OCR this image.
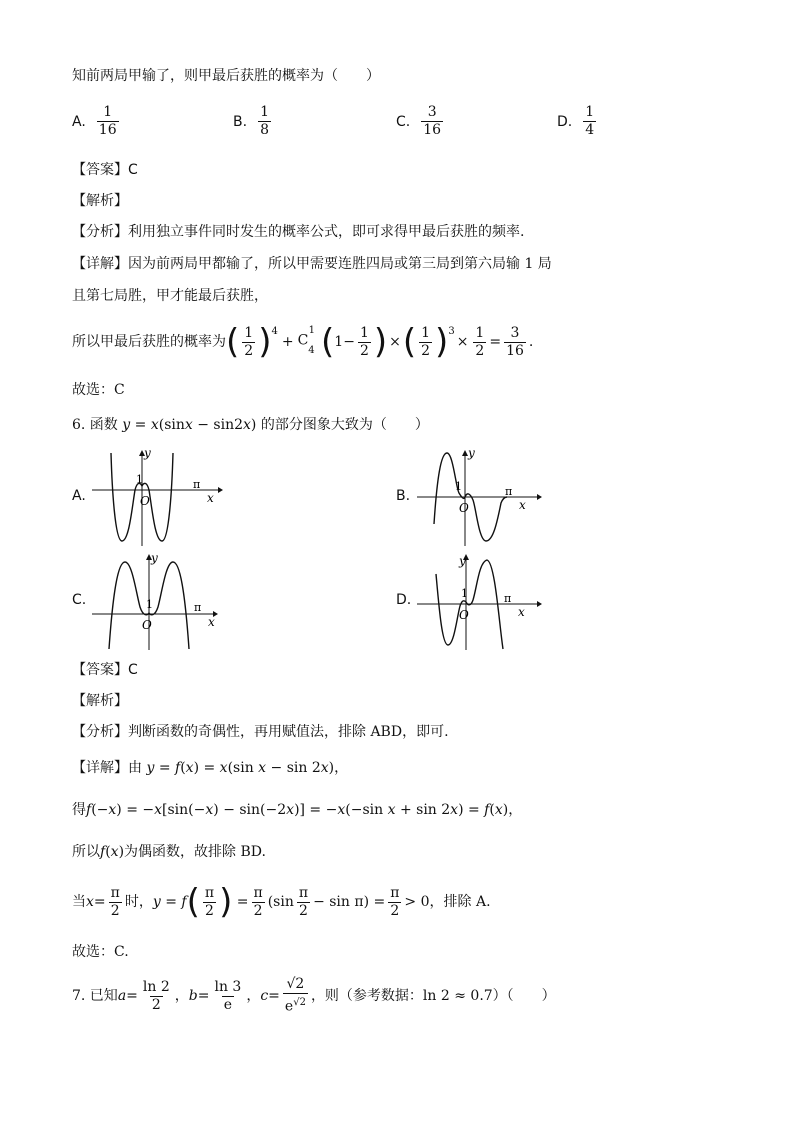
知前两局甲输了，则甲最后获胜的概率为（　　）
A. $\frac{1}{16}$	B. $\frac{1}{8}$	C. $\frac{3}{16}$	D. $\frac{1}{4}$
【答案】C
【解析】
【分析】利用独立事件同时发生的概率公式，即可求得甲最后获胜的频率.
【详解】因为前两局甲都输了，所以甲需要连胜四局或第三局到第六局输 1 局
且第七局胜，甲才能最后获胜，
所以甲最后获胜的概率为 ( $\frac{1}{2} )^4$
+ $C_4^1$ ( $1- \frac{1}{2}$ ) × ( $\frac{1}{2} )^3$
× $\frac{1}{2} = \frac{3}{16}$ .
故选：C
6. 函数 y = x(sinx − sin2x) 的部分图象大致为（　　）
A.
y
1
O
π
x	B.
y
1
O
π
x
C.
y
1
O
π
x
D.
y
1
O
π
x
【答案】C
【解析】
【分析】判断函数的奇偶性，再用赋值法，排除 ABD，即可.
【详解】由 y = f(x) = x(sin x − sin 2x)，
得f(−x) = −x[sin(−x) − sin(−2x)] = −x(−sin x + sin 2x) = f(x)，
所以f(x)为偶函数，故排除 BD.
当 $x = \frac{\pi}{2}$ 时， y = f ( $\frac{\pi}{2}$ ) = $\frac{\pi}{2} (\sin \frac{\pi}{2} - \sin \pi) = \frac{\pi}{2} > 0$ ，排除 A.
故选：C.
7. 已知 $a = \frac{\ln 2}{2}$ ， $b = \frac{\ln 3}{e}$ ， $c = \frac{√2}{e^{√2}}$ ，则（参考数据：ln 2 ≈ 0.7）（　　）
